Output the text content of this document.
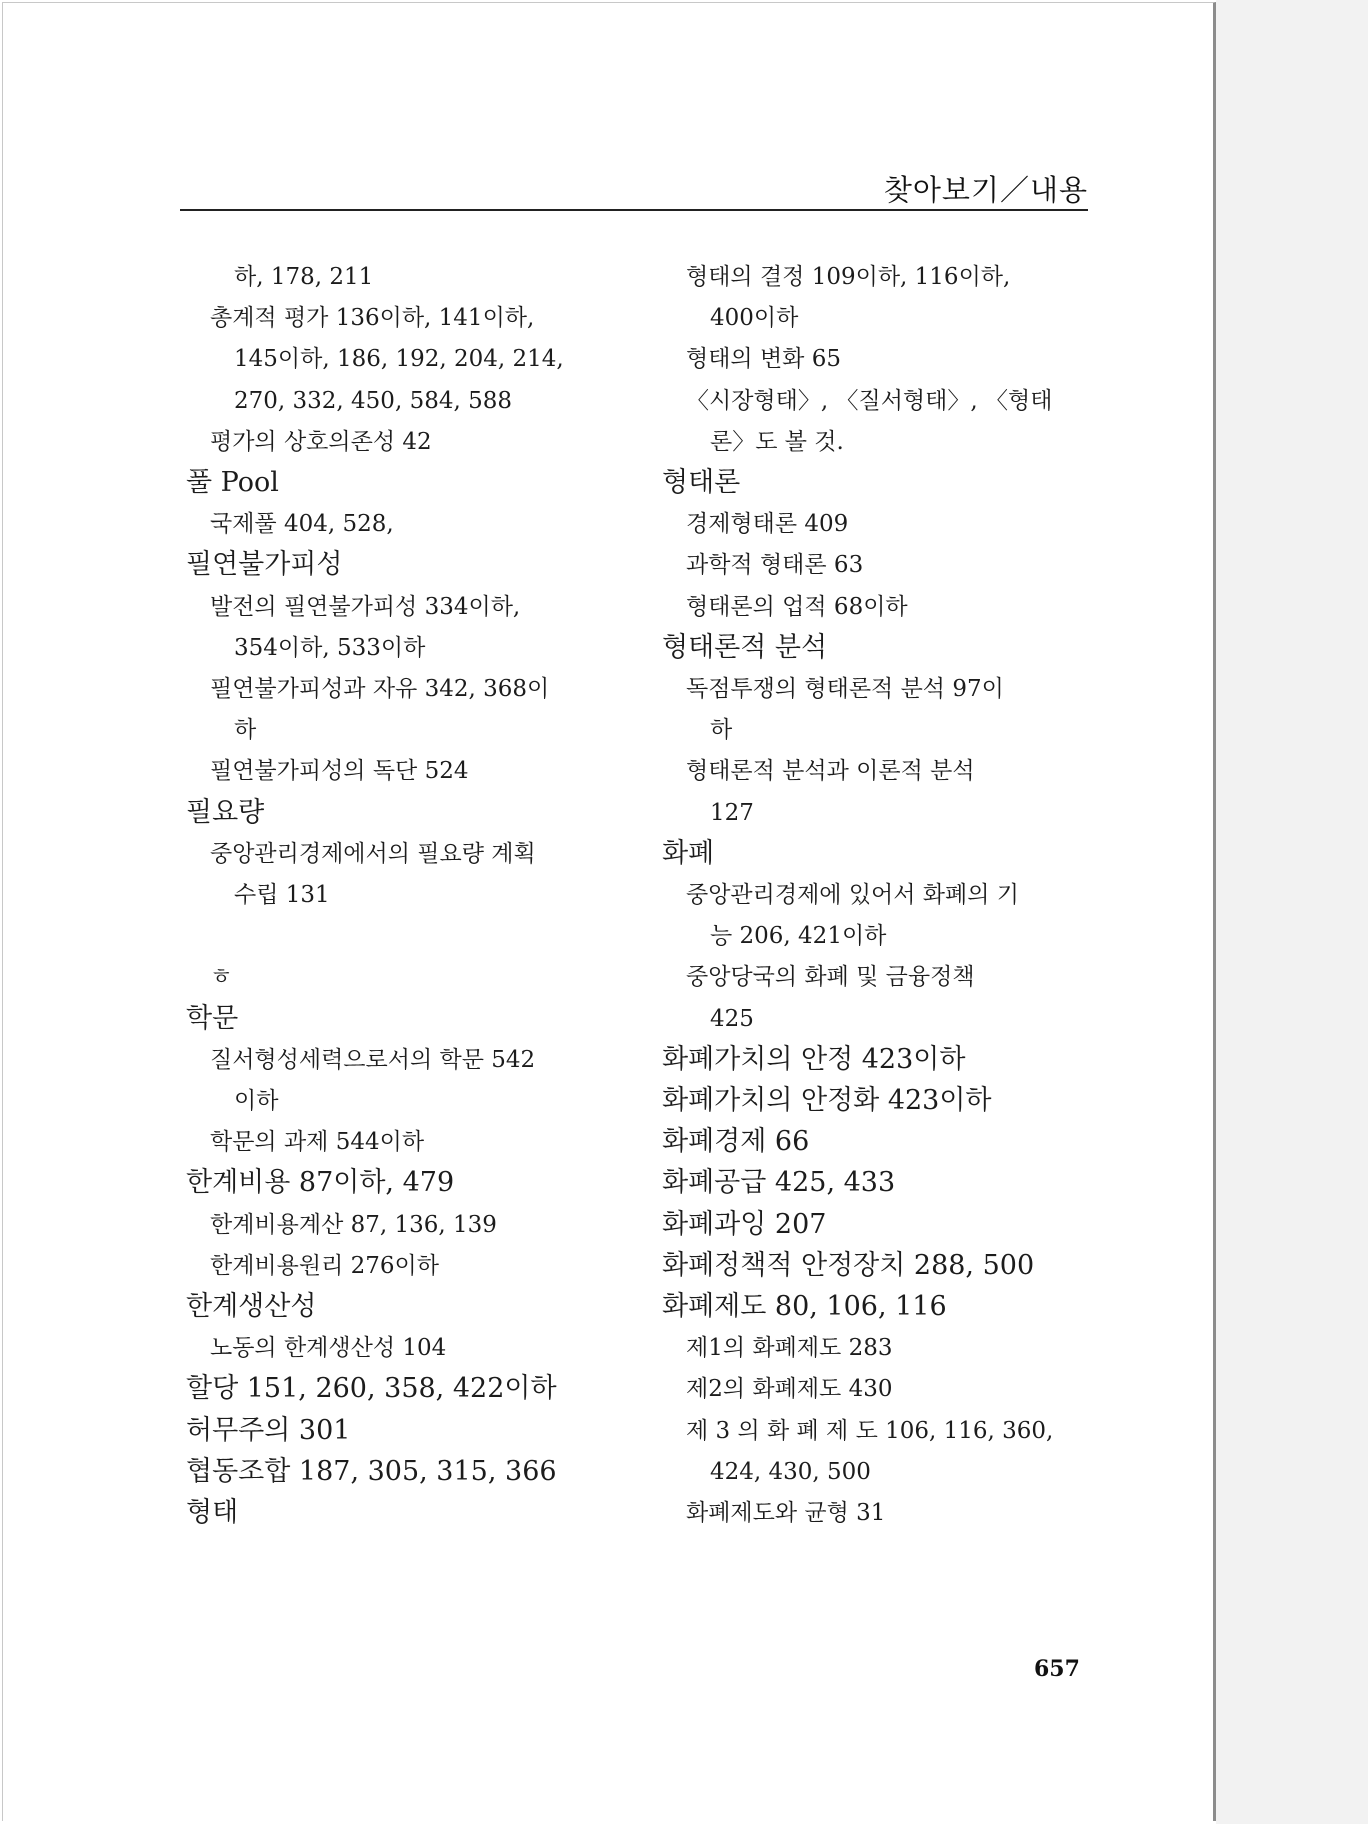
찾아보기／내용
하, 178, 211
총계적 평가 136이하, 141이하,
145이하, 186, 192, 204, 214,
270, 332, 450, 584, 588
평가의 상호의존성 42
풀 Pool
국제풀 404, 528,
필연불가피성
발전의 필연불가피성 334이하,
354이하, 533이하
필연불가피성과 자유 342, 368이
하
필연불가피성의 독단 524
필요량
중앙관리경제에서의 필요량 계획
수립 131
ㅎ
학문
질서형성세력으로서의 학문 542
이하
학문의 과제 544이하
한계비용 87이하, 479
한계비용계산 87, 136, 139
한계비용원리 276이하
한계생산성
노동의 한계생산성 104
할당 151, 260, 358, 422이하
허무주의 301
협동조합 187, 305, 315, 366
형태
형태의 결정 109이하, 116이하,
400이하
형태의 변화 65
〈시장형태〉, 〈질서형태〉, 〈형태
론〉도 볼 것.
형태론
경제형태론 409
과학적 형태론 63
형태론의 업적 68이하
형태론적 분석
독점투쟁의 형태론적 분석 97이
하
형태론적 분석과 이론적 분석
127
화폐
중앙관리경제에 있어서 화폐의 기
능 206, 421이하
중앙당국의 화폐 및 금융정책
425
화폐가치의 안정 423이하
화폐가치의 안정화 423이하
화폐경제 66
화폐공급 425, 433
화폐과잉 207
화폐정책적 안정장치 288, 500
화폐제도 80, 106, 116
제1의 화폐제도 283
제2의 화폐제도 430
제 3 의 화 폐 제 도 106, 116, 360,
424, 430, 500
화폐제도와 균형 31
657
